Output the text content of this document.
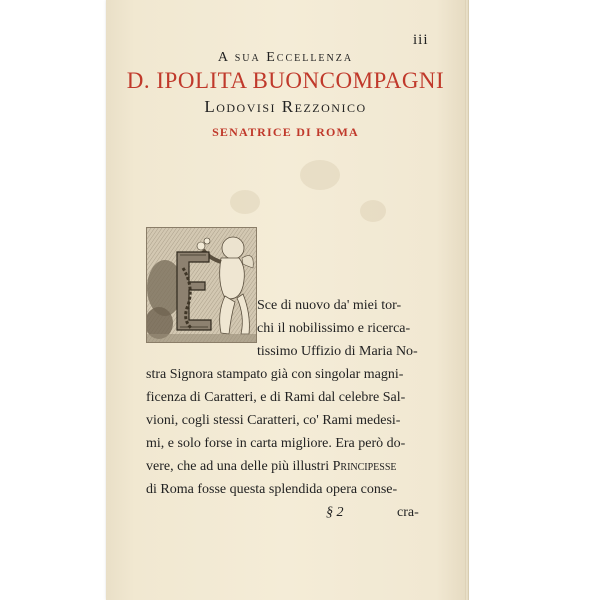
iii
A sua Eccellenza
D. IPOLITA BUONCOMPAGNI
Lodovisi Rezzonico
SENATRICE DI ROMA
Sce di nuovo da' miei tor-
chi il nobilissimo e ricerca-
tissimo Uffizio di Maria No-
stra Signora stampato già con singolar magni-
ficenza di Caratteri, e di Rami dal celebre Sal-
vioni, cogli stessi Caratteri, co' Rami medesi-
mi, e solo forse in carta migliore. Era però do-
vere, che ad una delle più illustri Principesse
di Roma fosse questa splendida opera conse-
§ 2	cra-
